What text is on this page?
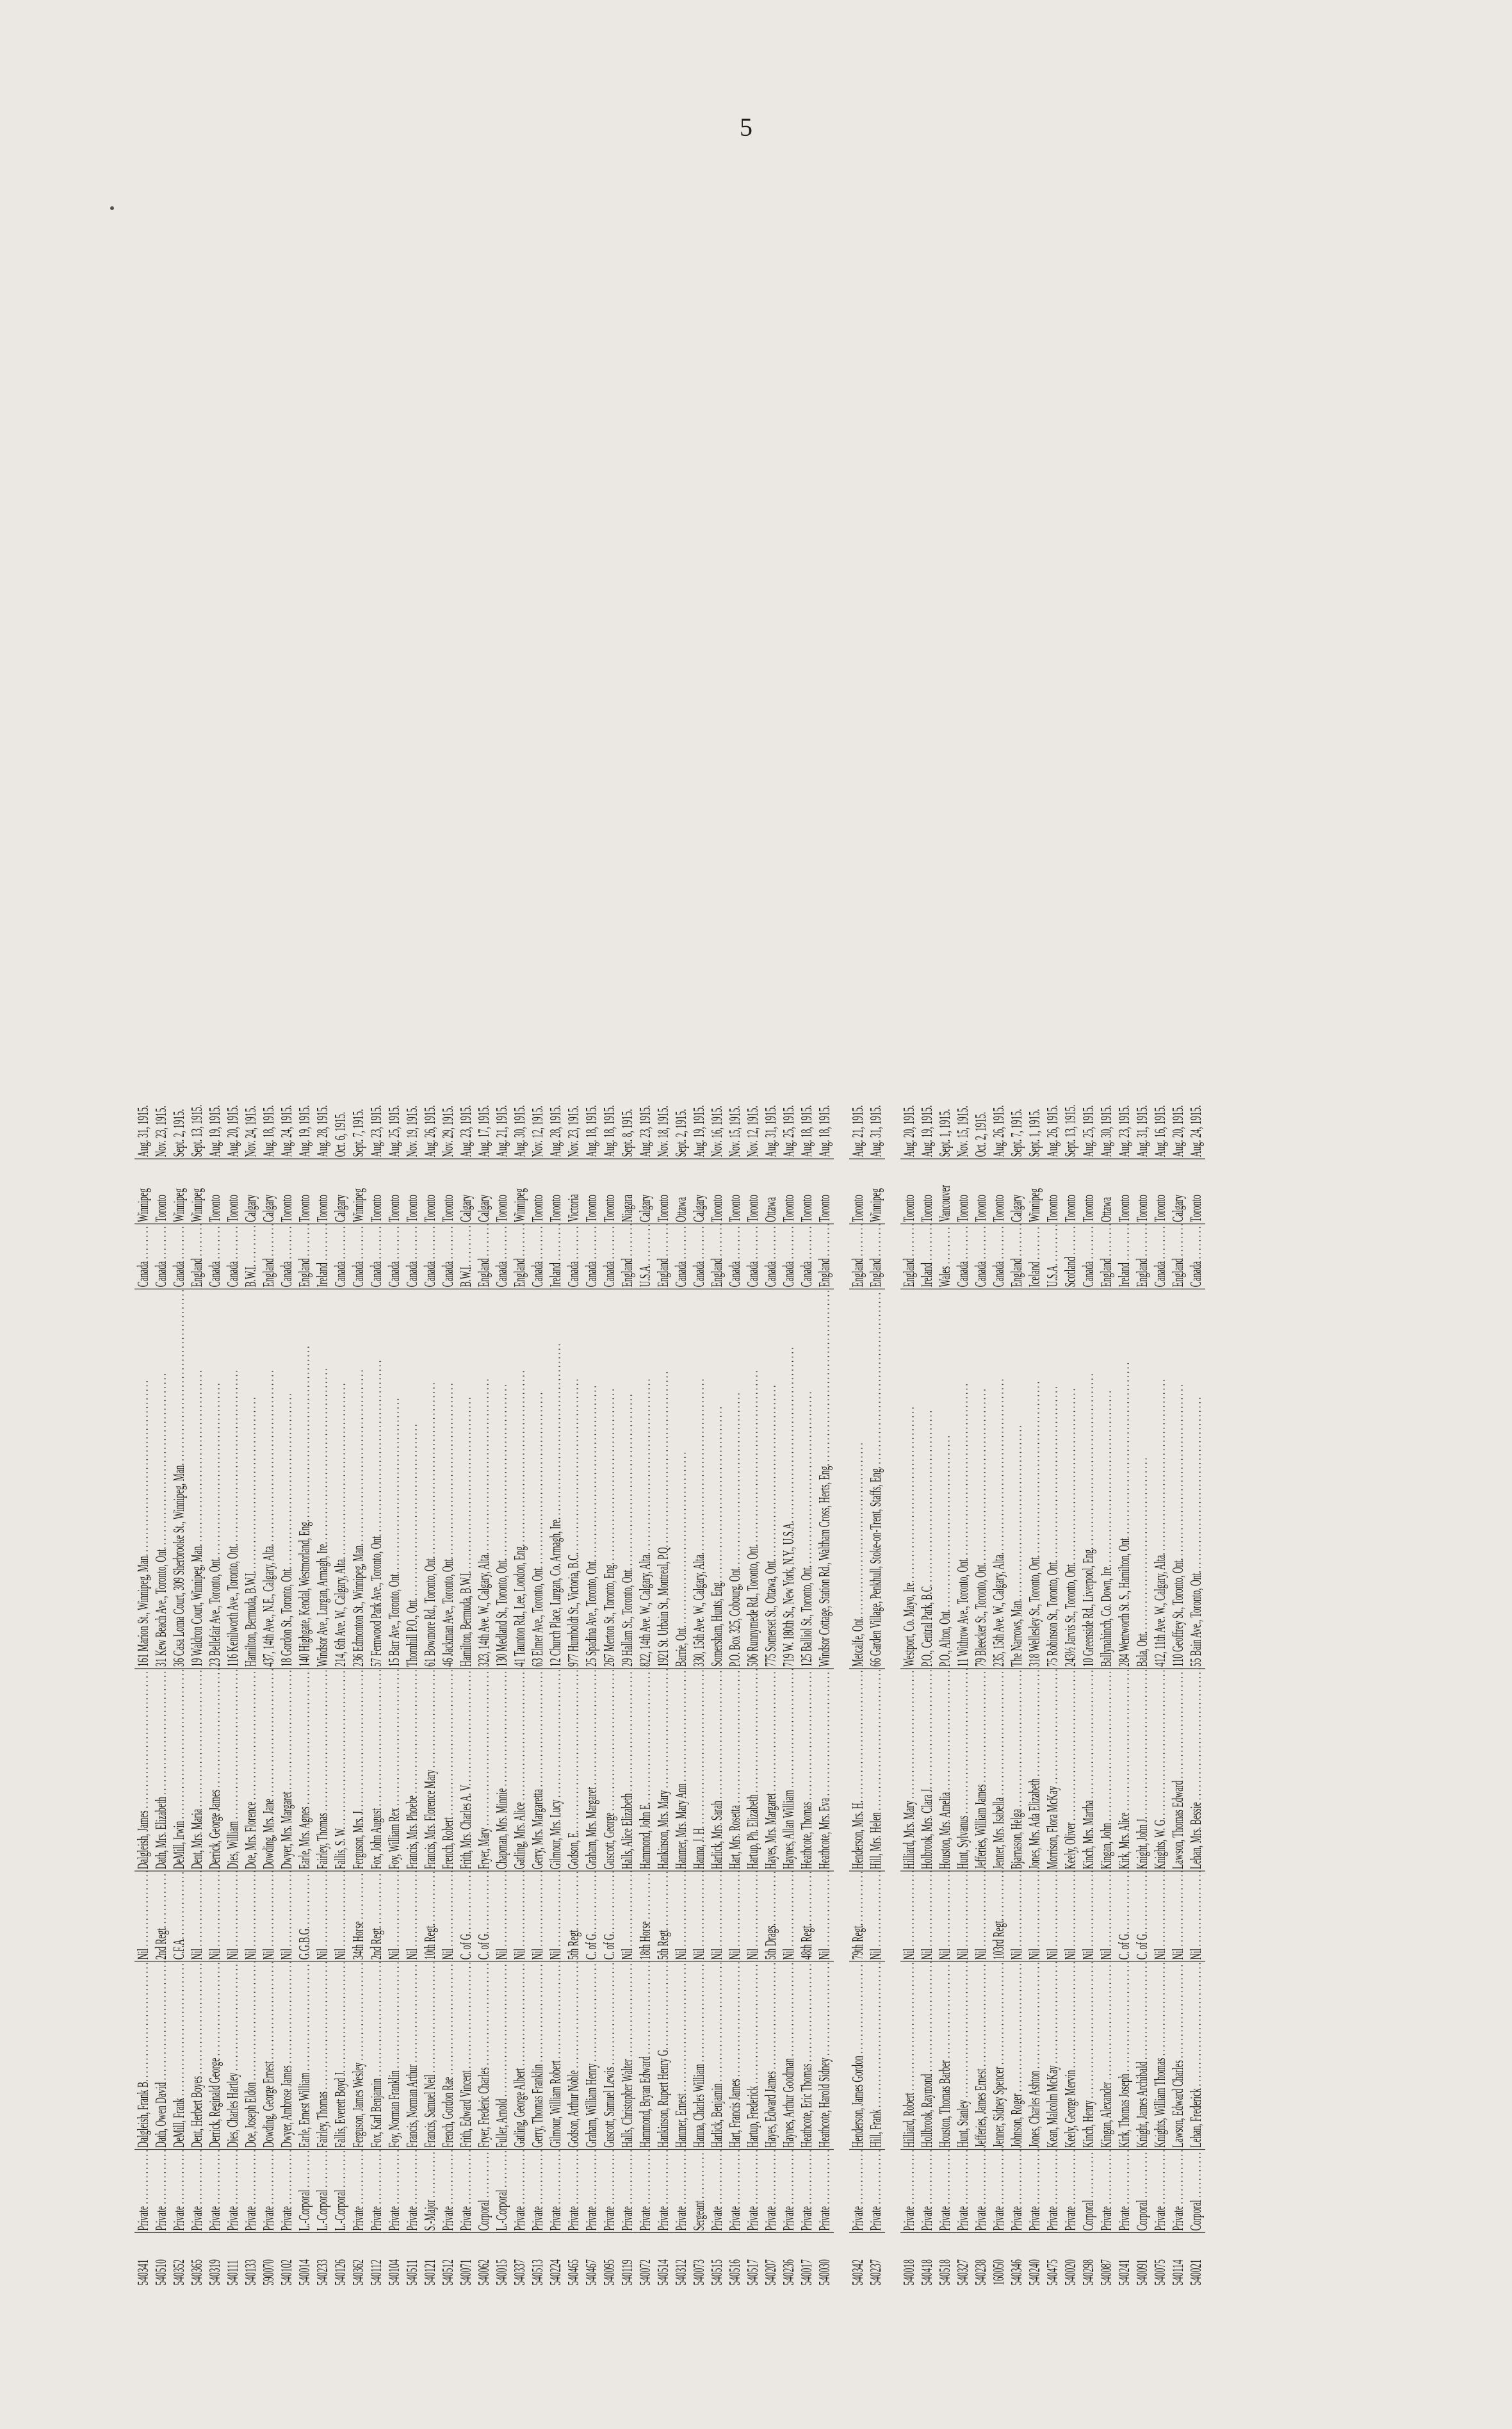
5
540341	Private . . .	Dalgleish, Frank B. . . .	Nil . . .	Dalgleish, James . . .	161 Marion St., Winnipeg, Man. . . .	Canada . . .	Winnipeg	Aug. 31, 1915.
540510	Private . . .	Dath, Owen David . . .	2nd Regt. . . .	Dath, Mrs. Elizabeth . . .	31 Kew Beach Ave., Toronto, Ont. . . .	Canada . . .	Toronto	Nov. 23, 1915.
540352	Private . . .	DeMill, Frank . . .	C.F.A. . . .	DeMill, Irwin . . .	36 Casa Loma Court, 309 Sherbrooke St., Winnipeg, Man. . . .	Canada . . .	Winnipeg	Sept. 2, 1915.
540365	Private . . .	Dent, Herbert Boyes . . .	Nil . . .	Dent, Mrs. Maria . . .	19 Waldron Court, Winnipeg, Man. . . .	England . . .	Winnipeg	Sept. 13, 1915.
540319	Private . . .	Derrick, Reginald George . . .	Nil . . .	Derrick, George James . . .	23 Bellefair Ave., Toronto, Ont. . . .	Canada . . .	Toronto	Aug. 19, 1915.
540111	Private . . .	Dies, Charles Hartley . . .	Nil . . .	Dies, William . . .	116 Kenilworth Ave., Toronto, Ont. . . .	Canada . . .	Toronto	Aug. 20, 1915.
540133	Private . . .	Doe, Joseph Eldon . . .	Nil . . .	Doe, Mrs. Florence . . .	Hamilton, Bermuda, B.W.I. . . .	B.W.I. . . .	Calgary	Nov. 24, 1915.
590070	Private . . .	Dowding, George Ernest . . .	Nil . . .	Dowding, Mrs. Jane . . .	437, 14th Ave., N.E., Calgary, Alta. . . .	England . . .	Calgary	Aug. 18, 1915.
540102	Private . . .	Dwyer, Ambrose James . . .	Nil . . .	Dwyer, Mrs. Margaret . . .	18 Gordon St., Toronto, Ont. . . .	Canada . . .	Toronto	Aug. 24, 1915.
540014	L.-Corporal . . .	Earle, Ernest William . . .	G.G.B.G. . . .	Earle, Mrs. Agnes . . .	140 Highgate, Kendal, Westmorland, Eng. . . .	England . . .	Toronto	Aug. 19, 1915.
540233	L.-Corporal . . .	Fairley, Thomas . . .	Nil . . .	Fairley, Thomas . . .	Windsor Ave., Lurgan, Armagh, Ire. . . .	Ireland . . .	Toronto	Aug. 28, 1915.
540126	L.-Corporal . . .	Fallis, Everett Boyd J. . . .	Nil . . .	Fallis, S. W. . . .	214, 6th Ave. W., Calgary, Alta. . . .	Canada . . .	Calgary	Oct. 6, 1915.
540362	Private . . .	Ferguson, James Wesley . . .	34th Horse . . .	Ferguson, Mrs. J. . . .	236 Edmonton St., Winnipeg, Man. . . .	Canada . . .	Winnipeg	Sept. 7, 1915.
540112	Private . . .	Fox, Karl Benjamin . . .	2nd Regt. . . .	Fox, John August . . .	57 Fernwood Park Ave., Toronto, Ont. . . .	Canada . . .	Toronto	Aug. 23, 1915.
540104	Private . . .	Foy, Norman Franklin . . .	Nil . . .	Foy, William Rex . . .	15 Barr Ave., Toronto, Ont. . . .	Canada . . .	Toronto	Aug. 25, 1915.
540511	Private . . .	Francis, Norman Arthur . . .	Nil . . .	Francis, Mrs. Phoebe . . .	Thornhill P.O., Ont. . . .	Canada . . .	Toronto	Nov. 19, 1915.
540121	S.-Major . . .	Francis, Samuel Neil . . .	10th Regt. . . .	Francis, Mrs. Florence Mary . . .	61 Bowmore Rd., Toronto, Ont. . . .	Canada . . .	Toronto	Aug. 26, 1915.
540512	Private . . .	French, Gordon Rae . . .	Nil . . .	French, Robert . . .	46 Jackman Ave., Toronto, Ont. . . .	Canada . . .	Toronto	Nov. 29, 1915.
540071	Private . . .	Frith, Edward Vincent . . .	C. of G. . . .	Frith, Mrs. Charles A. V. . . .	Hamilton, Bermuda, B.W.I. . . .	B.W.I. . . .	Calgary	Aug. 23, 1915.
540062	Corporal . . .	Fryer, Frederic Charles . . .	C. of G. . . .	Fryer, Mary . . .	323, 14th Ave. W., Calgary, Alta. . . .	England . . .	Calgary	Aug. 17, 1915.
540015	L.-Corporal . . .	Fuller, Arnold . . .	Nil . . .	Chapman, Mrs. Minnie . . .	130 Medland St., Toronto, Ont. . . .	Canada . . .	Toronto	Aug. 21, 1915.
540337	Private . . .	Gatling, George Albert . . .	Nil . . .	Gatling, Mrs. Alice . . .	41 Taunton Rd., Lee, London, Eng. . . .	England . . .	Winnipeg	Aug. 30, 1915.
540513	Private . . .	Gerry, Thomas Franklin . . .	Nil . . .	Gerry, Mrs. Margaretta . . .	63 Elmer Ave., Toronto, Ont. . . .	Canada . . .	Toronto	Nov. 12, 1915.
540224	Private . . .	Gilmour, William Robert . . .	Nil . . .	Gilmour, Mrs. Lucy . . .	12 Church Place, Lurgan, Co. Armagh, Ire. . . .	Ireland . . .	Toronto	Aug. 28, 1915.
540465	Private . . .	Godson, Arthur Noble . . .	5th Regt. . . .	Godson, E. . . .	977 Humboldt St., Victoria, B.C. . . .	Canada . . .	Victoria	Nov. 23, 1915.
540467	Private . . .	Graham, William Henry . . .	C. of G. . . .	Graham, Mrs. Margaret . . .	25 Spadina Ave., Toronto, Ont. . . .	Canada . . .	Toronto	Aug. 18, 1915.
540095	Private . . .	Guscott, Samuel Lewis . . .	C. of G. . . .	Guscott, George . . .	267 Merton St., Toronto, Eng. . . .	Canada . . .	Toronto	Aug. 18, 1915.
540119	Private . . .	Halls, Christopher Walter . . .	Nil . . .	Halls, Alice Elizabeth . . .	29 Hallam St., Toronto, Ont. . . .	England . . .	Niagara	Sept. 8, 1915.
540072	Private . . .	Hammond, Bryan Edward . . .	18th Horse . . .	Hammond, John E. . . .	822, 14th Ave. W., Calgary, Alta. . . .	U.S.A. . . .	Calgary	Aug. 23, 1915.
540514	Private . . .	Hankinson, Rupert Henry G. . . .	5th Regt. . . .	Hankinson, Mrs. Mary . . .	1921 St. Urbain St., Montreal, P.Q. . . .	England . . .	Toronto	Nov. 18, 1915.
540312	Private . . .	Hanmer, Ernest . . .	Nil . . .	Hanmer, Mrs. Mary Ann . . .	Barrie, Ont. . . .	Canada . . .	Ottawa	Sept. 2, 1915.
540073	Sergeant . . .	Hanna, Charles William . . .	Nil . . .	Hanna, J. H. . . .	330, 15th Ave. W., Calgary, Alta. . . .	Canada . . .	Calgary	Aug. 19, 1915.
540515	Private . . .	Harlick, Benjamin . . .	Nil . . .	Harlick, Mrs. Sarah . . .	Somersham, Hunts, Eng. . . .	England . . .	Toronto	Nov. 16, 1915.
540516	Private . . .	Hart, Francis James . . .	Nil . . .	Hart, Mrs. Rosetta . . .	P.O. Box 325, Cobourg, Ont. . . .	Canada . . .	Toronto	Nov. 15, 1915.
540517	Private . . .	Hartup, Frederick . . .	Nil . . .	Hartup, Ph. Elizabeth . . .	506 Runnymede Rd., Toronto, Ont. . . .	Canada . . .	Toronto	Nov. 12, 1915.
540207	Private . . .	Hayes, Edward James . . .	5th Drags. . . .	Hayes, Mrs. Margaret . . .	775 Somerset St., Ottawa, Ont. . . .	Canada . . .	Ottawa	Aug. 31, 1915.
540236	Private . . .	Haynes, Arthur Goodman . . .	Nil . . .	Haynes, Allan William . . .	719 W. 180th St., New York, N.Y., U.S.A. . . .	Canada . . .	Toronto	Aug. 25, 1915.
540017	Private . . .	Heathcote, Eric Thomas . . .	48th Regt. . . .	Heathcote, Thomas . . .	125 Balliol St., Toronto, Ont. . . .	Canada . . .	Toronto	Aug. 18, 1915.
540030	Private . . .	Heathcote, Harold Sidney . . .	Nil . . .	Heathcote, Mrs. Eva . . .	Windsor Cottage, Station Rd., Waltham Cross, Herts, Eng. . . .	England . . .	Toronto	Aug. 18, 1915.

540342	Private . . .	Henderson, James Gordon . . .	79th Regt. . . .	Henderson, Mrs. H. . . .	Metcalfe, Ont. . . .	England . . .	Toronto	Aug. 21, 1915.
540237	Private . . .	Hill, Frank . . .	Nil . . .	Hill, Mrs. Helen . . .	66 Garden Village, Penkhull, Stoke-on-Trent, Staffs, Eng. . . .	England . . .	Winnipeg	Aug. 31, 1915.

540018	Private . . .	Hilliard, Robert . . .	Nil . . .	Hilliard, Mrs. Mary . . .	Westport, Co. Mayo, Ire. . . .	England . . .	Toronto	Aug. 20, 1915.
540418	Private . . .	Hollbrook, Raymond . . .	Nil . . .	Holbrook, Mrs. Clara J. . . .	P.O., Central Park, B.C. . . .	Ireland . . .	Toronto	Aug. 19, 1915.
540518	Private . . .	Houston, Thomas Barber . . .	Nil . . .	Houston, Mrs. Amelia . . .	P.O., Alton, Ont. . . .	Wales . . .	Vancouver	Sept. 1, 1915.
540327	Private . . .	Hunt, Stanley . . .	Nil . . .	Hunt, Sylvanus . . .	11 Withrow Ave., Toronto, Ont. . . .	Canada . . .	Toronto	Nov. 15, 1915.
540238	Private . . .	Jefferies, James Ernest . . .	Nil . . .	Jefferies, William James . . .	79 Bleecker St., Toronto, Ont. . . .	Canada . . .	Toronto	Oct. 2, 1915.
160050	Private . . .	Jenner, Sidney Spencer . . .	103rd Regt. . . .	Jenner, Mrs. Isabella . . .	235, 15th Ave. W., Calgary, Alta. . . .	Canada . . .	Toronto	Aug. 26, 1915.
540346	Private . . .	Johnson, Roger . . .	Nil . . .	Bjarnason, Helga . . .	The Narrows, Man. . . .	England . . .	Calgary	Sept. 7, 1915.
540240	Private . . .	Jones, Charles Ashton . . .	Nil . . .	Jones, Mrs. Ada Elizabeth . . .	318 Wellesley St., Toronto, Ont. . . .	Iceland . . .	Winnipeg	Sept. 1, 1915.
540475	Private . . .	Kean, Malcolm McKay . . .	Nil . . .	Morrison, Flora McKay . . .	75 Robinson St., Toronto, Ont. . . .	U.S.A. . . .	Toronto	Aug. 26, 1915.
540020	Private . . .	Keely, George Mervin . . .	Nil . . .	Keely, Oliver . . .	243½ Jarvis St., Toronto, Ont. . . .	Scotland . . .	Toronto	Sept. 13, 1915.
540298	Corporal . . .	Kinch, Henry . . .	Nil . . .	Kinch, Mrs. Martha . . .	10 Greenside Rd., Liverpool, Eng. . . .	Canada . . .	Toronto	Aug. 25, 1915.
540087	Private . . .	Kingan, Alexander . . .	Nil . . .	Kingan, John . . .	Ballynahinch, Co. Down, Ire. . . .	England . . .	Ottawa	Aug. 30, 1915.
540241	Private . . .	Kirk, Thomas Joseph . . .	C. of G. . . .	Kirk, Mrs. Alice . . .	284 Wentworth St. S., Hamilton, Ont. . . .	Ireland . . .	Toronto	Aug. 23, 1915.
540091	Corporal . . .	Knight, James Archibald . . .	C. of G. . . .	Knight, John J. . . .	Bala, Ont. . . .	England . . .	Toronto	Aug. 31, 1915.
540075	Private . . .	Knights, William Thomas . . .	Nil . . .	Knights, W. G. . . .	412, 11th Ave. W., Calgary, Alta. . . .	Canada . . .	Toronto	Aug. 16, 1915.
540114	Private . . .	Lawson, Edward Charles . . .	Nil . . .	Lawson, Thomas Edward . . .	110 Geoffrey St., Toronto, Ont. . . .	England . . .	Calgary	Aug. 20, 1915.
540021	Corporal . . .	Lehan, Frederick . . .	Nil . . .	Lehan, Mrs. Bessie . . .	55 Bain Ave., Toronto, Ont. . . .	Canada . . .	Toronto	Aug. 24, 1915.
